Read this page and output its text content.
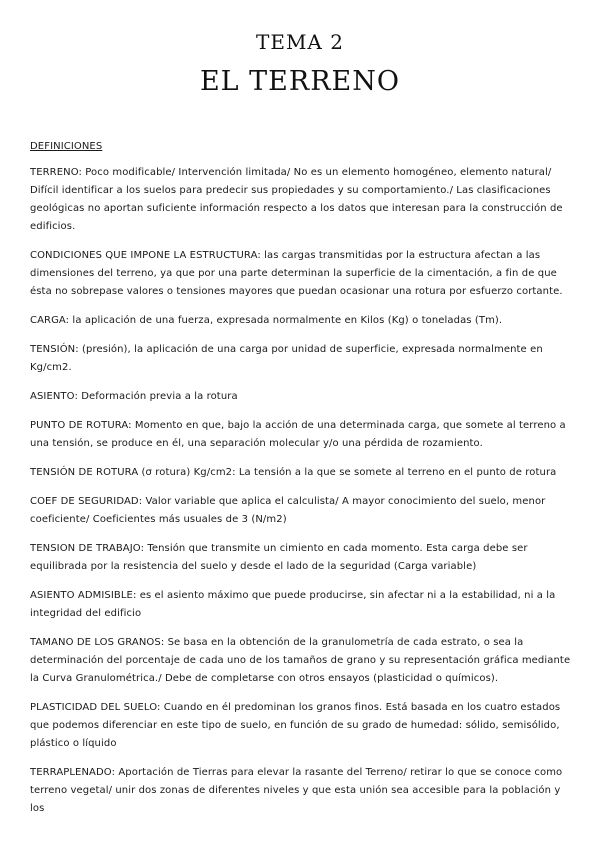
TEMA 2
EL TERRENO
DEFINICIONES

TERRENO: Poco modificable/ Intervención limitada/ No es un elemento homogéneo, elemento natural/ Difícil identificar a los suelos para predecir sus propiedades y su comportamiento./ Las clasificaciones geológicas no aportan suficiente información respecto a los datos que interesan para la construcción de edificios.

CONDICIONES QUE IMPONE LA ESTRUCTURA: las cargas transmitidas por la estructura afectan a las dimensiones del terreno, ya que por una parte determinan la superficie de la cimentación, a fin de que ésta no sobrepase valores o tensiones mayores que puedan ocasionar una rotura por esfuerzo cortante.

CARGA: la aplicación de una fuerza, expresada normalmente en Kilos (Kg) o toneladas (Tm).

TENSIÓN: (presión), la aplicación de una carga por unidad de superficie, expresada normalmente en Kg/cm2.

ASIENTO: Deformación previa a la rotura

PUNTO DE ROTURA: Momento en que, bajo la acción de una determinada carga, que somete al terreno a una tensión, se produce en él, una separación molecular y/o una pérdida de rozamiento.

TENSIÓN DE ROTURA (σ rotura) Kg/cm2: La tensión a la que se somete al terreno en el punto de rotura

COEF DE SEGURIDAD: Valor variable que aplica el calculista/ A mayor conocimiento del suelo, menor coeficiente/ Coeficientes más usuales de 3 (N/m2)

TENSION DE TRABAJO: Tensión que transmite un cimiento en cada momento. Esta carga debe ser equilibrada por la resistencia del suelo y desde el lado de la seguridad (Carga variable)

ASIENTO ADMISIBLE: es el asiento máximo que puede producirse, sin afectar ni a la estabilidad, ni a la integridad del edificio

TAMANO DE LOS GRANOS: Se basa en la obtención de la granulometría de cada estrato, o sea la determinación del porcentaje de cada uno de los tamaños de grano y su representación gráfica mediante la Curva Granulométrica./ Debe de completarse con otros ensayos (plasticidad o químicos).

PLASTICIDAD DEL SUELO: Cuando en él predominan los granos finos. Está basada en los cuatro estados que podemos diferenciar en este tipo de suelo, en función de su grado de humedad: sólido, semisólido, plástico o líquido

TERRAPLENADO: Aportación de Tierras para elevar la rasante del Terreno/ retirar lo que se conoce como terreno vegetal/ unir dos zonas de diferentes niveles y que esta unión sea accesible para la población y los
